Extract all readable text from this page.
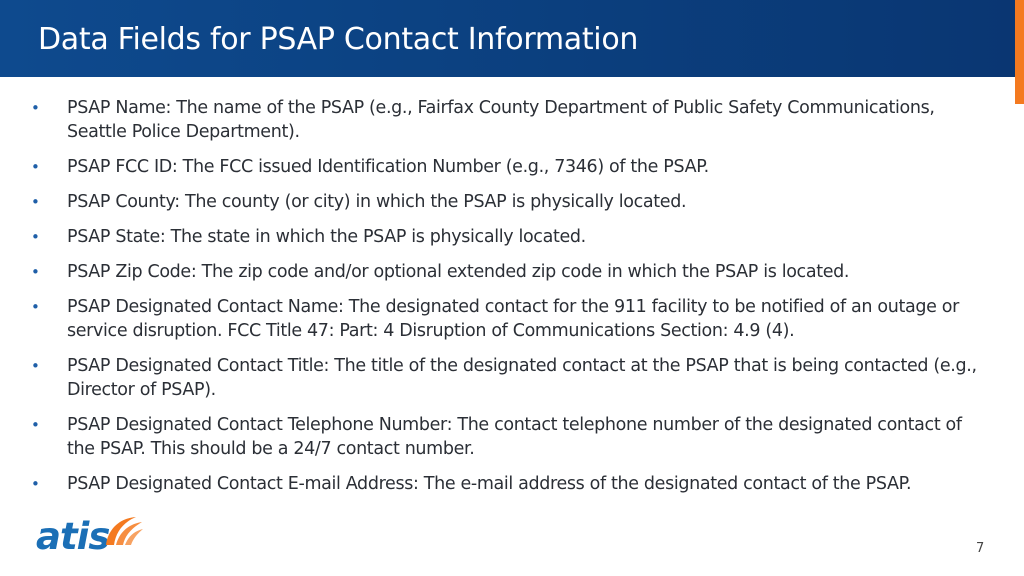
Data Fields for PSAP Contact Information
• PSAP Name: The name of the PSAP (e.g., Fairfax County Department of Public Safety Communications, Seattle Police Department).
• PSAP FCC ID: The FCC issued Identification Number (e.g., 7346) of the PSAP.
• PSAP County: The county (or city) in which the PSAP is physically located.
• PSAP State: The state in which the PSAP is physically located.
• PSAP Zip Code: The zip code and/or optional extended zip code in which the PSAP is located.
• PSAP Designated Contact Name: The designated contact for the 911 facility to be notified of an outage or service disruption. FCC Title 47: Part: 4 Disruption of Communications Section: 4.9 (4).
• PSAP Designated Contact Title: The title of the designated contact at the PSAP that is being contacted (e.g., Director of PSAP).
• PSAP Designated Contact Telephone Number: The contact telephone number of the designated contact of the PSAP. This should be a 24/7 contact number.
• PSAP Designated Contact E-mail Address: The e-mail address of the designated contact of the PSAP.
atis	7
